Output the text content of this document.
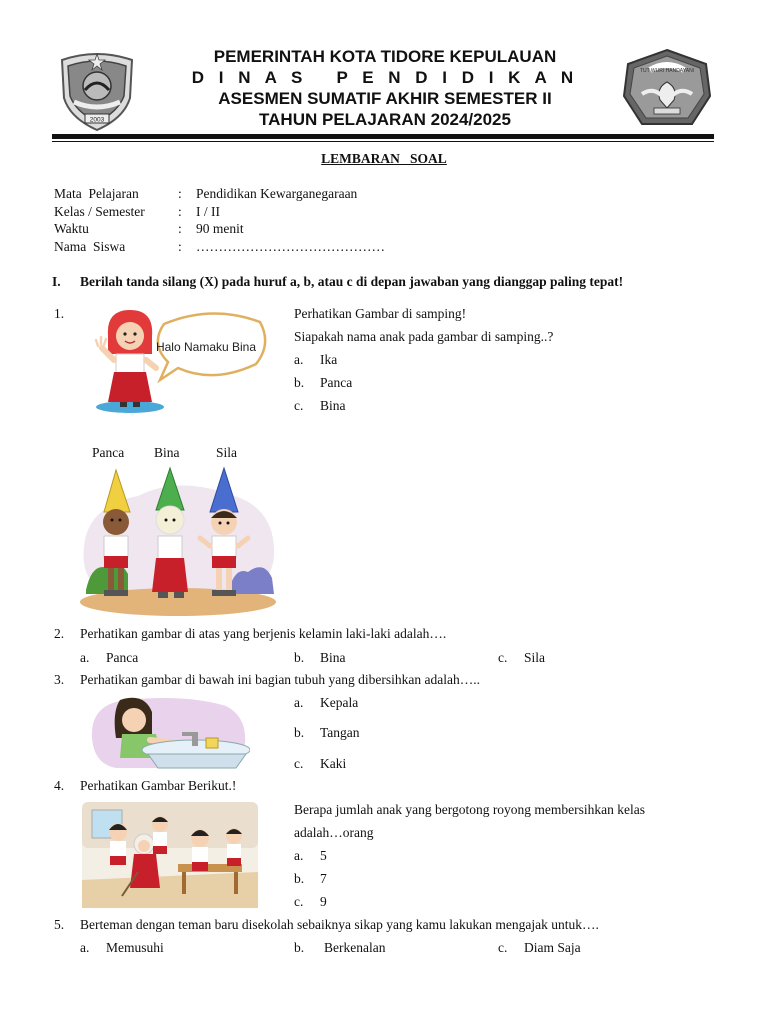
2003
TUT WURI HANDAYANI
PEMERINTAH KOTA TIDORE KEPULAUAN
D I N A S   P E N D I D I K A N
ASESMEN SUMATIF AKHIR SEMESTER II
TAHUN PELAJARAN 2024/2025
LEMBARAN   SOAL
Mata  Pelajaran	: Pendidikan Kewarganegaraan
Kelas / Semester : I / II
Waktu	: 90 menit
Nama  Siswa	: ……………………………………
I. Berilah tanda silang (X) pada huruf a, b, atau c di depan jawaban yang dianggap paling tepat!
1.
Halo Namaku Bina
Perhatikan Gambar di samping!
Siapakah nama anak pada gambar di samping..?
a. Ika
b. Panca
c. Bina
Panca Bina	Sila
2. Perhatikan gambar di atas yang berjenis kelamin laki-laki adalah….
a. Panca	b. Bina	c. Sila
3. Perhatikan gambar di bawah ini bagian tubuh yang dibersihkan adalah…..
a. Kepala
b. Tangan
c. Kaki
4. Perhatikan Gambar Berikut.!
Berapa jumlah anak yang bergotong royong membersihkan kelas
adalah…orang
a. 5
b. 7
c. 9
5. Berteman dengan teman baru disekolah sebaiknya sikap yang kamu lakukan mengajak untuk….
a. Memusuhi	b. Berkenalan	c. Diam Saja
